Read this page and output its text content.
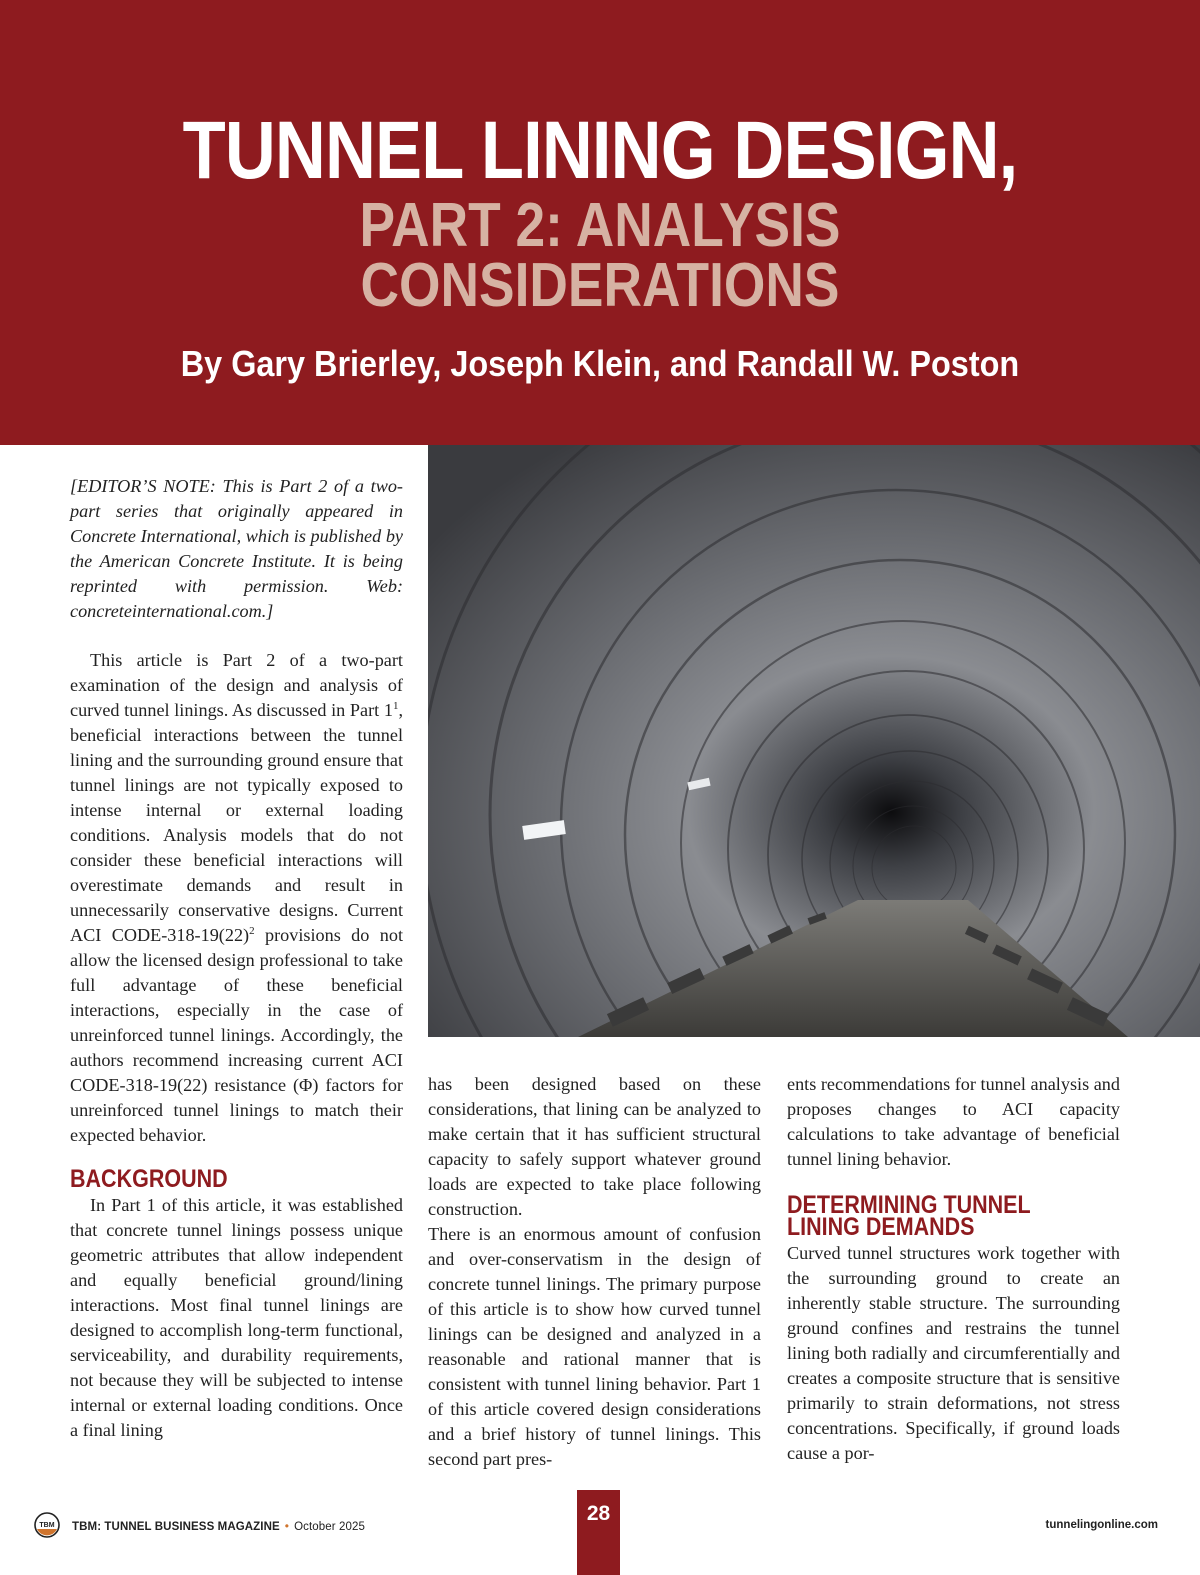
TUNNEL LINING DESIGN,
PART 2: ANALYSIS
CONSIDERATIONS
By Gary Brierley, Joseph Klein, and Randall W. Poston

[EDITOR’S NOTE: This is Part 2 of a two-part series that originally appeared in Concrete International, which is published by the American Concrete Institute. It is being reprinted with permission. Web: concreteinternational.com.]

This article is Part 2 of a two-part examination of the design and analysis of curved tunnel linings. As discussed in Part $1^1$, beneficial interactions between the tunnel lining and the surrounding ground ensure that tunnel linings are not typically exposed to intense internal or external loading conditions. Analysis models that do not consider these beneficial interactions will overestimate demands and result in unnecessarily conservative designs. Current ACI CODE-$318-19(22)^2$ provisions do not allow the licensed design professional to take full advantage of these beneficial interactions, especially in the case of unreinforced tunnel linings. Accordingly, the authors recommend increasing current ACI CODE-318-19(22) resistance (Φ) factors for unreinforced tunnel linings to match their expected behavior.

BACKGROUND

In Part 1 of this article, it was established that concrete tunnel linings possess unique geometric attributes that allow independent and equally beneficial ground/lining interactions. Most final tunnel linings are designed to accomplish long-term functional, serviceability, and durability requirements, not because they will be subjected to intense internal or external loading conditions. Once a final lining

has been designed based on these considerations, that lining can be analyzed to make certain that it has sufficient structural capacity to safely support whatever ground loads are expected to take place following construction.

There is an enormous amount of confusion and over-conservatism in the design of concrete tunnel linings. The primary purpose of this article is to show how curved tunnel linings can be designed and analyzed in a reasonable and rational manner that is consistent with tunnel lining behavior. Part 1 of this article covered design considerations and a brief history of tunnel linings. This second part pres-

ents recommendations for tunnel analysis and proposes changes to ACI capacity calculations to take advantage of beneficial tunnel lining behavior.

DETERMINING TUNNEL
LINING DEMANDS

Curved tunnel structures work together with the surrounding ground to create an inherently stable structure. The surrounding ground confines and restrains the tunnel lining both radially and circumferentially and creates a composite structure that is sensitive primarily to strain deformations, not stress concentrations. Specifically, if ground loads cause a por-

TBM TBM: TUNNEL BUSINESS MAGAZINE • October 2025
28	tunnelingonline.com
